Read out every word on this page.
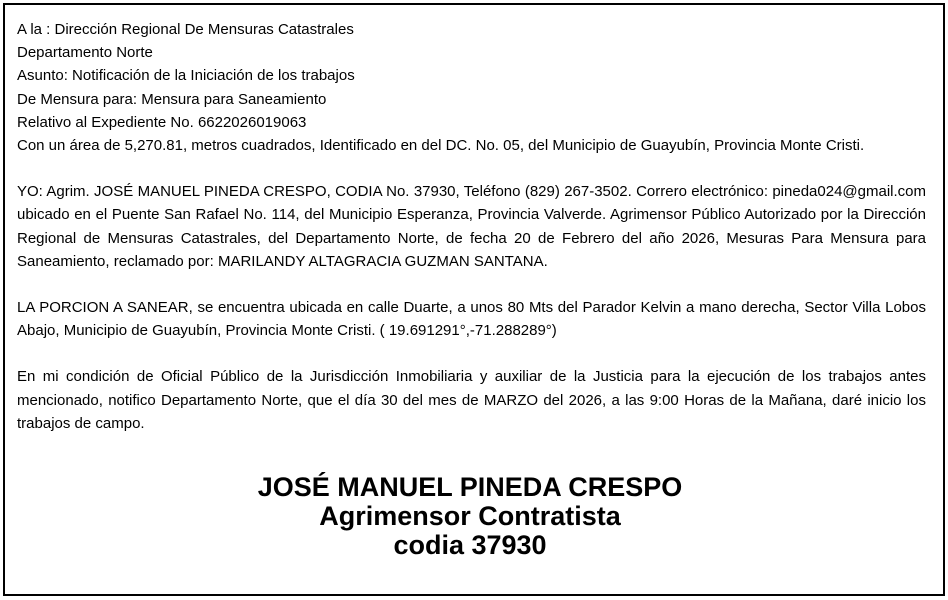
A la : Dirección Regional De Mensuras Catastrales

Departamento Norte

Asunto: Notificación de la Iniciación de los trabajos

De Mensura para: Mensura para Saneamiento

Relativo al Expediente No. 6622026019063

Con un área de 5,270.81, metros cuadrados, Identificado en del DC. No. 05, del Municipio de Guayubín, Provincia Monte Cristi.

YO: Agrim. JOSÉ MANUEL PINEDA CRESPO, CODIA No. 37930, Teléfono (829) 267-3502. Correro electrónico: pineda024@gmail.com ubicado en el Puente San Rafael No. 114, del Municipio Esperanza, Provincia Valverde. Agrimensor Público Autorizado por la Dirección Regional de Mensuras Catastrales, del Departamento Norte, de fecha 20 de Febrero del año 2026, Mesuras Para Mensura para Saneamiento, reclamado por: MARILANDY ALTAGRACIA GUZMAN SANTANA.

LA PORCION A SANEAR, se encuentra ubicada en calle Duarte, a unos 80 Mts del Parador Kelvin a mano derecha, Sector Villa Lobos Abajo, Municipio de Guayubín, Provincia Monte Cristi. ( 19.691291°,-71.288289°)

En mi condición de Oficial Público de la Jurisdicción Inmobiliaria y auxiliar de la Justicia para la ejecución de los trabajos antes mencionado, notifico Departamento Norte, que el día 30 del mes de MARZO del 2026, a las 9:00 Horas de la Mañana, daré inicio los trabajos de campo.

JOSÉ MANUEL PINEDA CRESPO
Agrimensor Contratista
codia 37930
